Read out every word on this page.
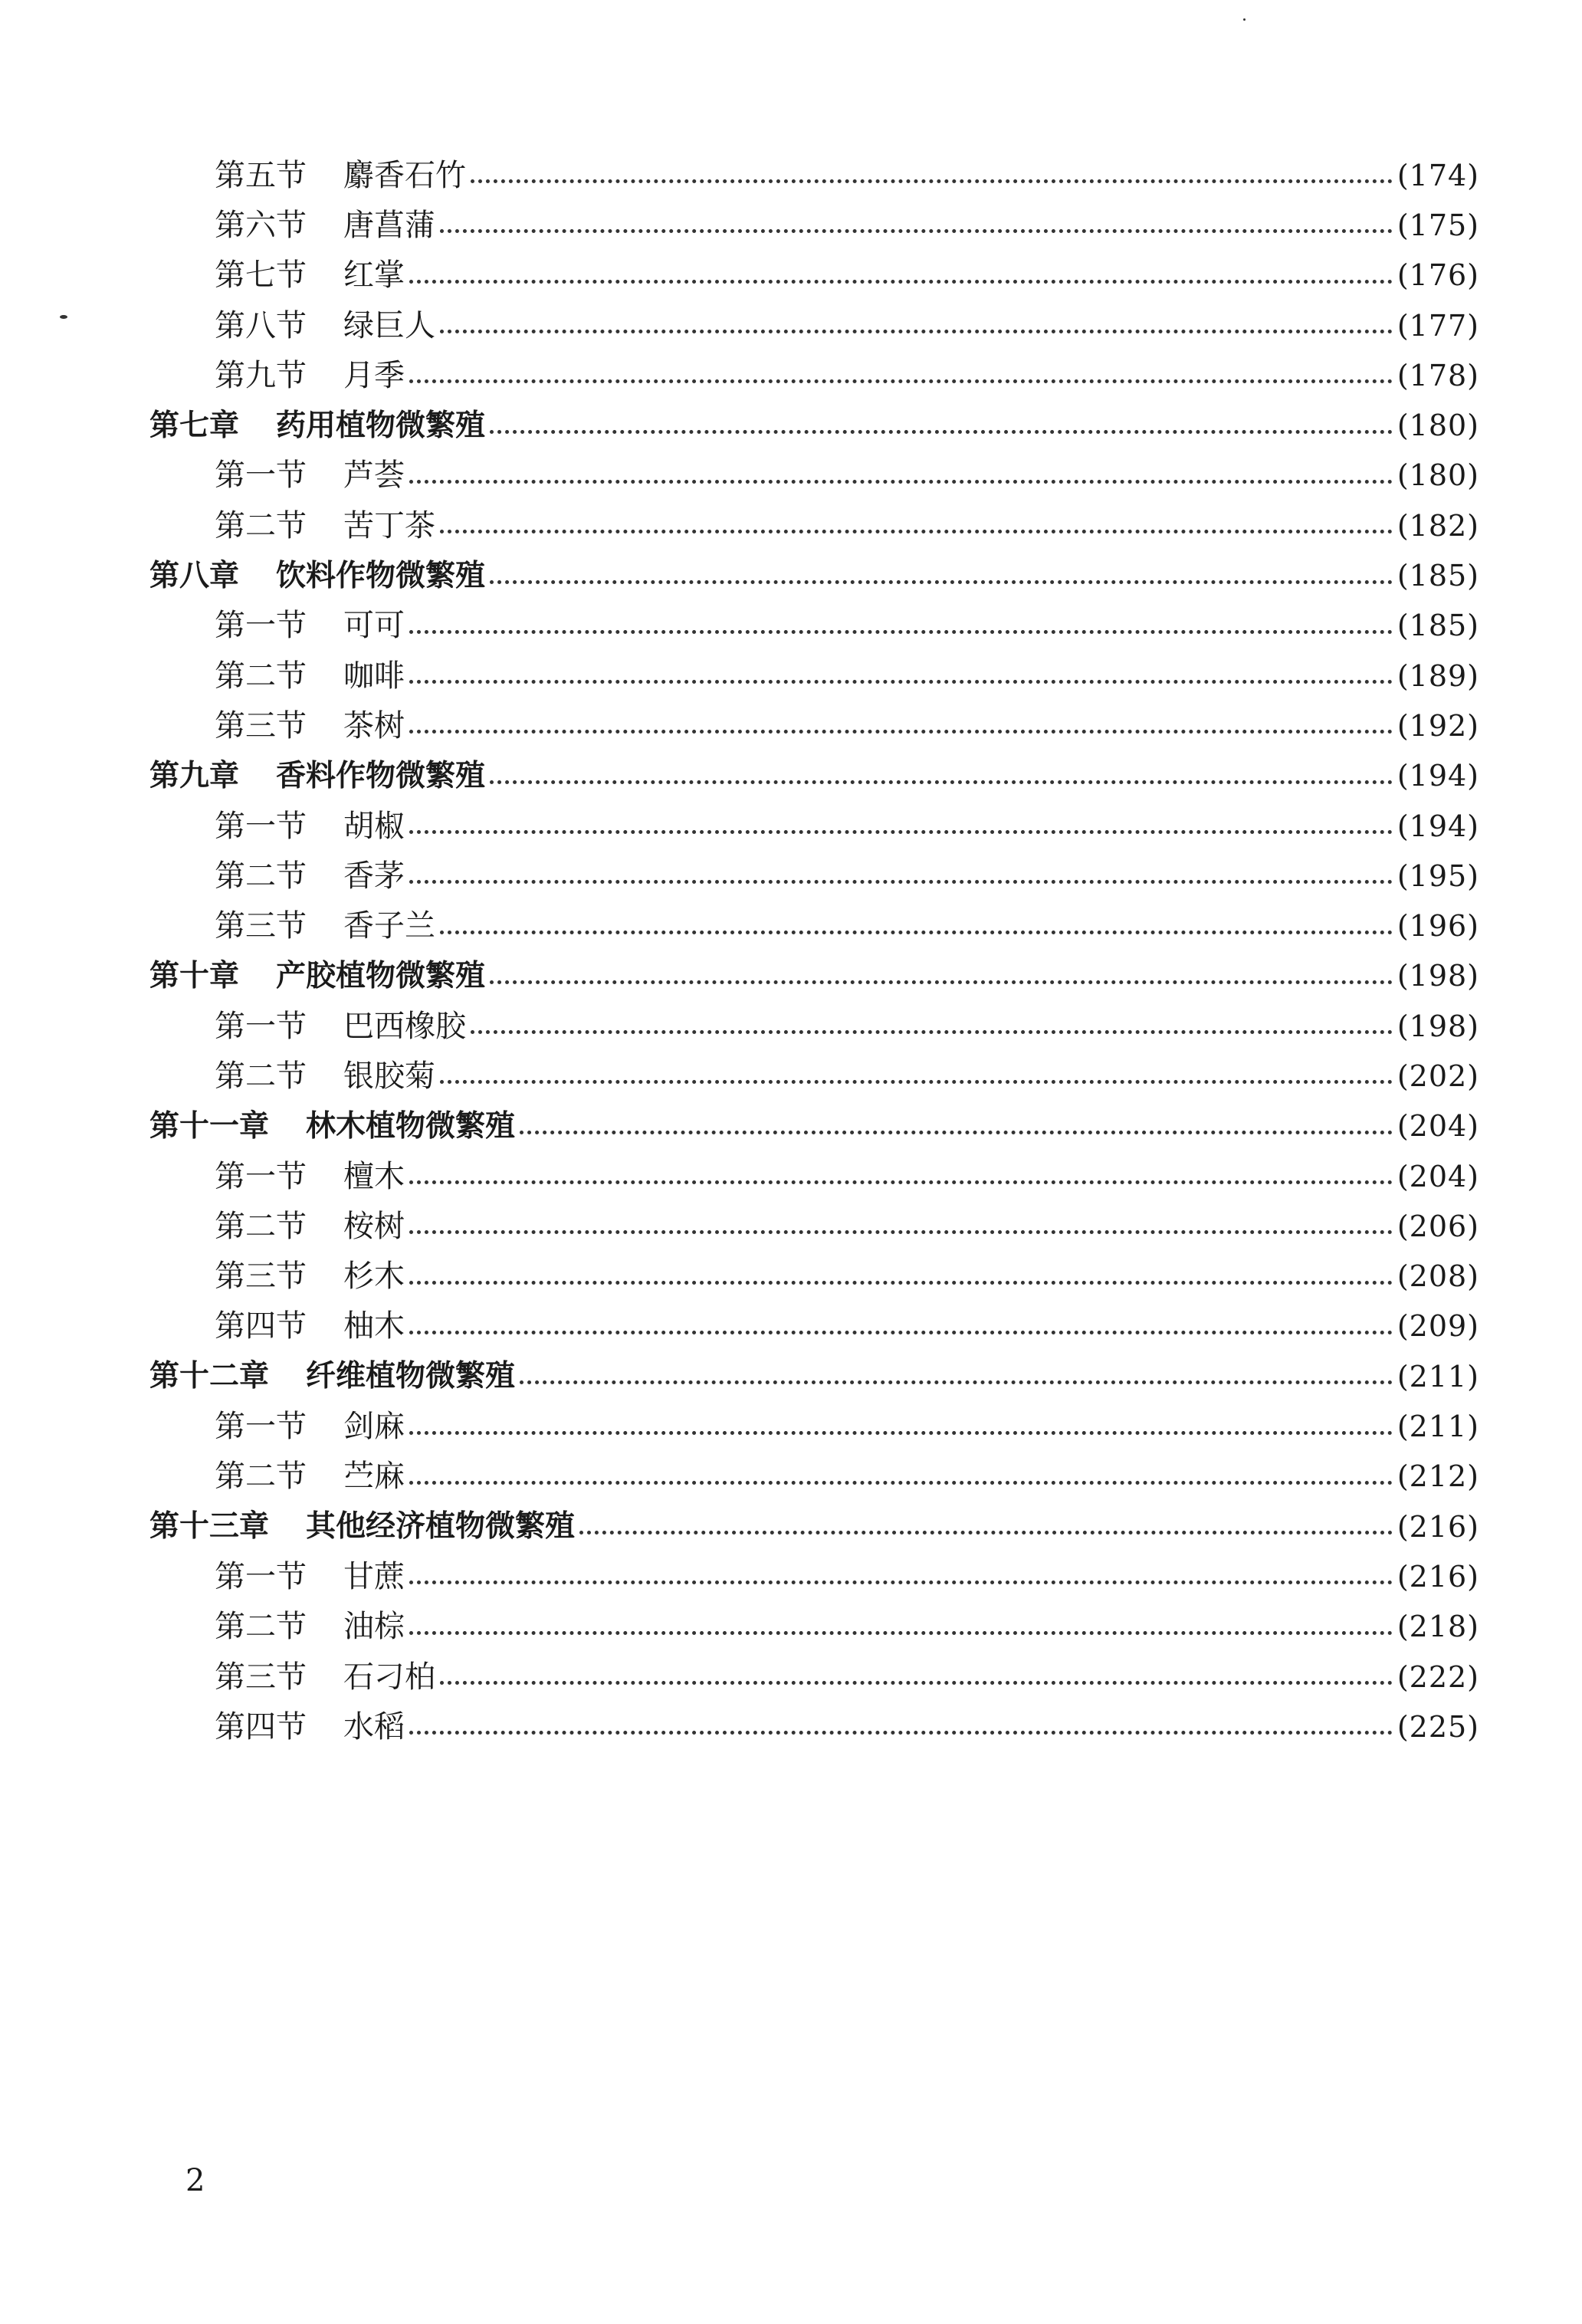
第五节 麝香石竹	(174)
第六节 唐菖蒲	(175)
第七节 红掌	(176)
第八节 绿巨人	(177)
第九节 月季	(178)
第七章 药用植物微繁殖	(180)
第一节 芦荟	(180)
第二节 苦丁茶	(182)
第八章 饮料作物微繁殖	(185)
第一节 可可	(185)
第二节 咖啡	(189)
第三节 茶树	(192)
第九章 香料作物微繁殖	(194)
第一节 胡椒	(194)
第二节 香茅	(195)
第三节 香子兰	(196)
第十章 产胶植物微繁殖	(198)
第一节 巴西橡胶	(198)
第二节 银胶菊	(202)
第十一章 林木植物微繁殖	(204)
第一节 檀木	(204)
第二节 桉树	(206)
第三节 杉木	(208)
第四节 柚木	(209)
第十二章 纤维植物微繁殖	(211)
第一节 剑麻	(211)
第二节 苎麻	(212)
第十三章 其他经济植物微繁殖	(216)
第一节 甘蔗	(216)
第二节 油棕	(218)
第三节 石刁柏	(222)
第四节 水稻	(225)
2
